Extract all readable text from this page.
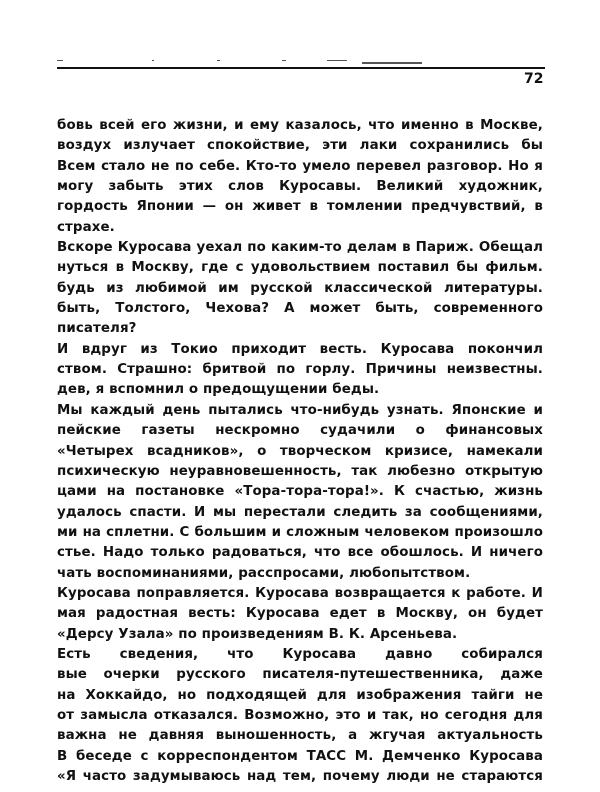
72
бовь всей его жизни, и ему казалось, что именно в Москве,
воздух излучает спокойствие, эти лаки сохранились бы
Всем стало не по себе. Кто-то умело перевел разговор. Но я
могу забыть этих слов Куросавы. Великий художник,
гордость Японии — он живет в томлении предчувствий, в
страхе.
Вскоре Куросава уехал по каким-то делам в Париж. Обещал
нуться в Москву, где с удовольствием поставил бы фильм.
будь из любимой им русской классической литературы.
быть, Толстого, Чехова? А может быть, современного
писателя?
И вдруг из Токио приходит весть. Куросава покончил
ством. Страшно: бритвой по горлу. Причины неизвестны.
дев, я вспомнил о предощущении беды.
Мы каждый день пытались что-нибудь узнать. Японские и
пейские газеты нескромно судачили о финансовых
«Четырех всадников», о творческом кризисе, намекали
психическую неуравновешенность, так любезно открытую
цами на постановке «Тора-тора-тора!». К счастью, жизнь
удалось спасти. И мы перестали следить за сообщениями,
ми на сплетни. С большим и сложным человеком произошло
стье. Надо только радоваться, что все обошлось. И ничего
чать воспоминаниями, расспросами, любопытством.
Куросава поправляется. Куросава возвращается к работе. И
мая радостная весть: Куросава едет в Москву, он будет
«Дерсу Узала» по произведениям В. К. Арсеньева.
Есть сведения, что Куросава давно собирался
вые очерки русского писателя-путешественника, даже
на Хоккайдо, но подходящей для изображения тайги не
от замысла отказался. Возможно, это и так, но сегодня для
важна не давняя выношенность, а жгучая актуальность
В беседе с корреспондентом ТАСС М. Демченко Куросава
«Я часто задумываюсь над тем, почему люди не стараются
